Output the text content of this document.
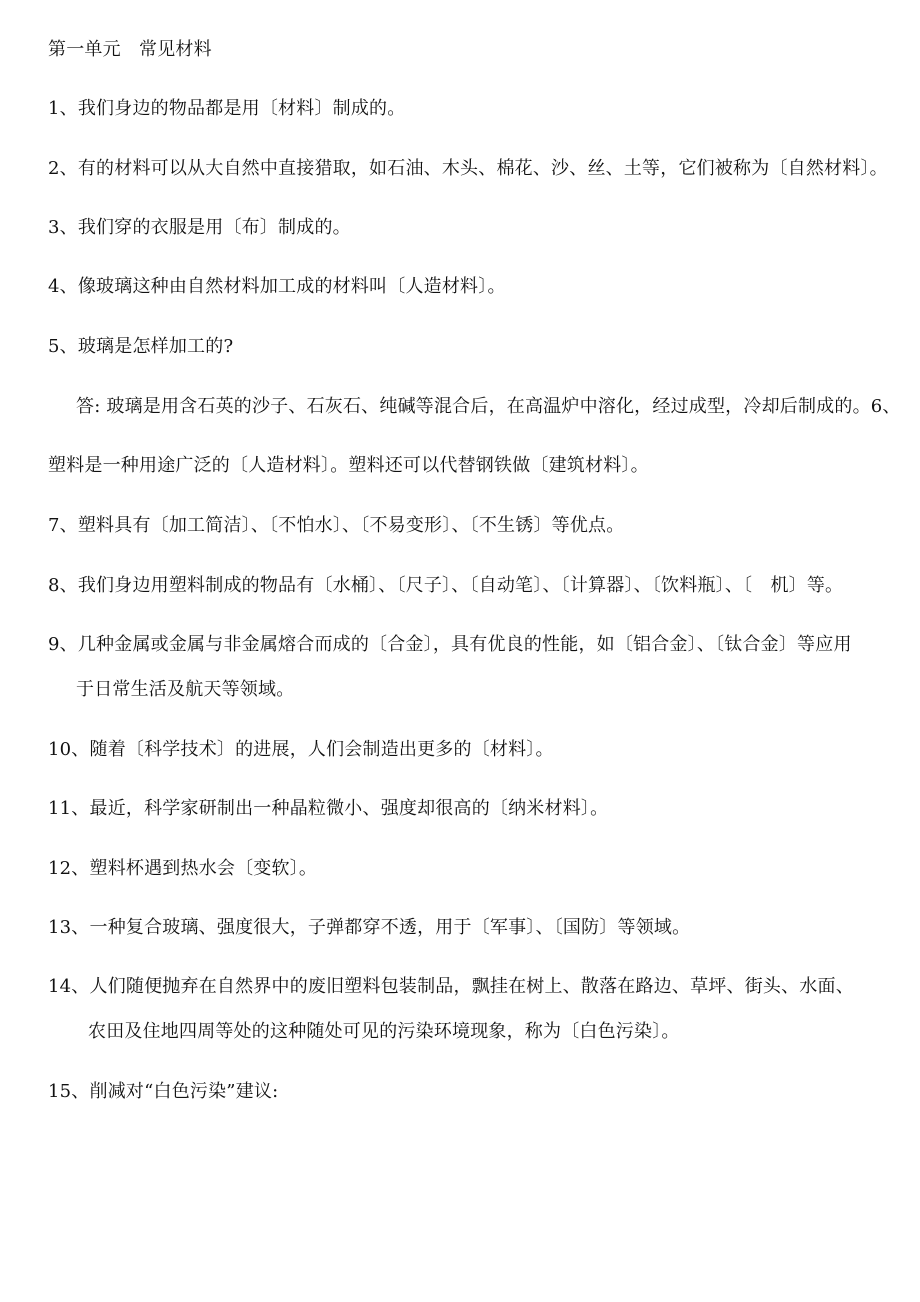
第一单元　常见材料
1、我们身边的物品都是用〔材料〕制成的。
2、有的材料可以从大自然中直接猎取，如石油、木头、棉花、沙、丝、土等，它们被称为〔自然材料〕。
3、我们穿的衣服是用〔布〕制成的。
4、像玻璃这种由自然材料加工成的材料叫〔人造材料〕。
5、玻璃是怎样加工的?
答: 玻璃是用含石英的沙子、石灰石、纯碱等混合后，在高温炉中溶化，经过成型，冷却后制成的。6、
塑料是一种用途广泛的〔人造材料〕。塑料还可以代替钢铁做〔建筑材料〕。
7、塑料具有〔加工简洁〕、〔不怕水〕、〔不易变形〕、〔不生锈〕等优点。
8、我们身边用塑料制成的物品有〔水桶〕、〔尺子〕、〔自动笔〕、〔计算器〕、〔饮料瓶〕、〔　机〕等。
9、几种金属或金属与非金属熔合而成的〔合金〕，具有优良的性能，如〔铝合金〕、〔钛合金〕等应用
于日常生活及航天等领域。
10、随着〔科学技术〕的进展，人们会制造出更多的〔材料〕。
11、最近，科学家研制出一种晶粒微小、强度却很高的〔纳米材料〕。
12、塑料杯遇到热水会〔变软〕。
13、一种复合玻璃、强度很大，子弹都穿不透，用于〔军事〕、〔国防〕等领域。
14、人们随便抛弃在自然界中的废旧塑料包装制品，飘挂在树上、散落在路边、草坪、街头、水面、
农田及住地四周等处的这种随处可见的污染环境现象，称为〔白色污染〕。
15、削减对“白色污染”建议:
